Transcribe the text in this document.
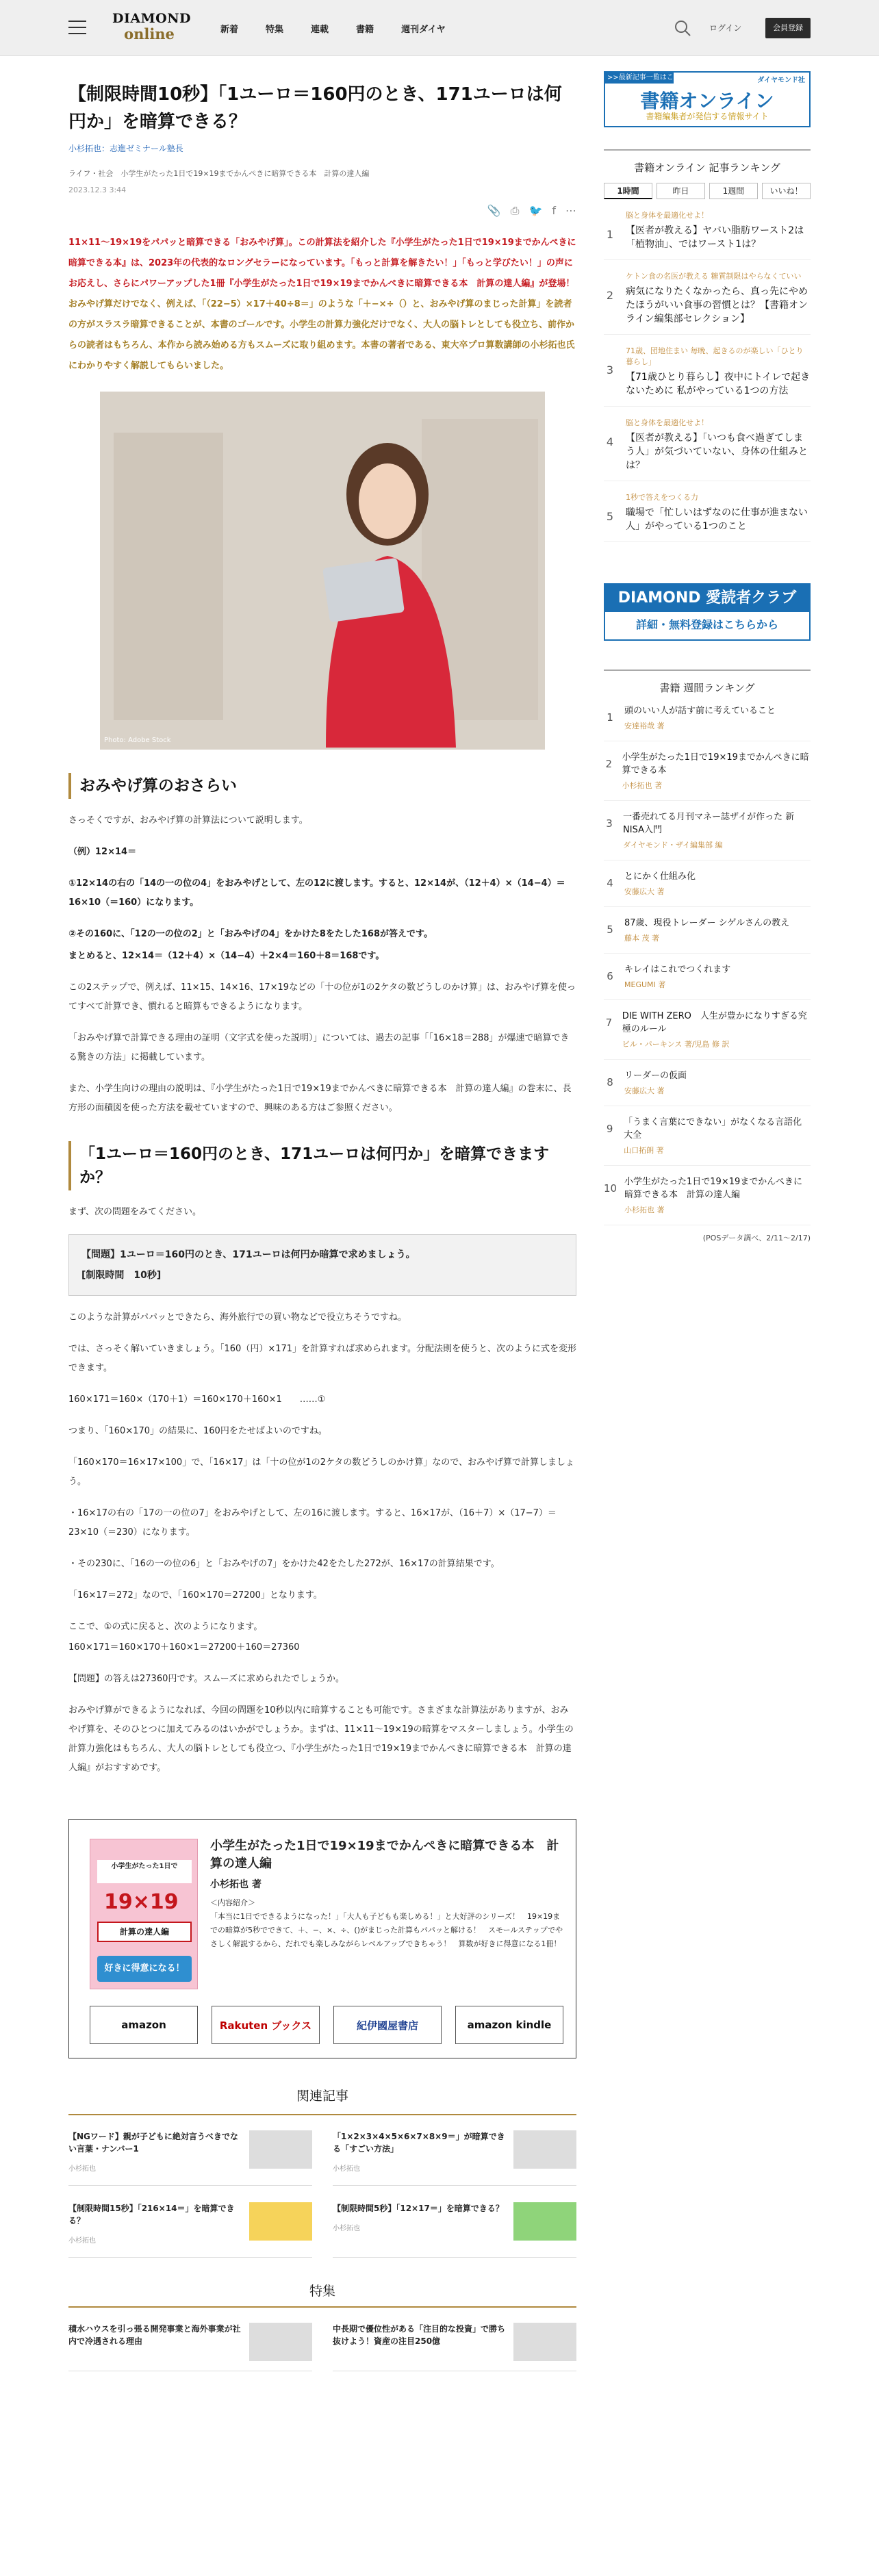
DIAMOND
online	新着	特集	連載	書籍	週刊ダイヤ	ログイン	会員登録
【制限時間10秒】「1ユーロ＝160円のとき、171ユーロは何円か」を暗算できる？
小杉拓也：志進ゼミナール塾長
ライフ・社会　小学生がたった1日で19×19までかんぺきに暗算できる本　計算の達人編
2023.12.3 3:44
📎 ⎙ 🐦 f ⋯
11×11〜19×19をパパッと暗算できる「おみやげ算」。この計算法を紹介した『小学生がたった1日で19×19までかんぺきに暗算できる本』は、2023年の代表的なロングセラーになっています。「もっと計算を解きたい！」「もっと学びたい！」の声にお応えし、さらにパワーアップした1冊『小学生がたった1日で19×19までかんぺきに暗算できる本　計算の達人編』が登場！おみやげ算だけでなく、例えば、「（22−5）×17＋40÷8＝」のような「＋−×÷（）と、おみやげ算のまじった計算」を読者の方がスラスラ暗算できることが、本書のゴールです。小学生の計算力強化だけでなく、大人の脳トレとしても役立ち、前作からの読者はもちろん、本作から読み始める方もスムーズに取り組めます。本書の著者である、東大卒プロ算数講師の小杉拓也氏にわかりやすく解説してもらいました。
Photo: Adobe Stock
おみやげ算のおさらい

さっそくですが、おみやげ算の計算法について説明します。

（例）12×14＝

①12×14の右の「14の一の位の4」をおみやげとして、左の12に渡します。すると、12×14が、（12＋4）×（14−4）＝16×10（＝160）になります。

②その160に、「12の一の位の2」と「おみやげの4」をかけた8をたした168が答えです。

まとめると、12×14＝（12＋4）×（14−4）＋2×4＝160＋8＝168です。

この2ステップで、例えば、11×15、14×16、17×19などの「十の位が1の2ケタの数どうしのかけ算」は、おみやげ算を使ってすべて計算でき、慣れると暗算もできるようになります。

「おみやげ算で計算できる理由の証明（文字式を使った説明）」については、過去の記事「「16×18＝288」が爆速で暗算できる驚きの方法」に掲載しています。

また、小学生向けの理由の説明は、『小学生がたった1日で19×19までかんぺきに暗算できる本　計算の達人編』の巻末に、長方形の面積図を使った方法を載せていますので、興味のある方はご参照ください。

「1ユーロ＝160円のとき、171ユーロは何円か」を暗算できますか？

まず、次の問題をみてください。

【問題】1ユーロ＝160円のとき、171ユーロは何円か暗算で求めましょう。
[制限時間　10秒]

このような計算がパパッとできたら、海外旅行での買い物などで役立ちそうですね。

では、さっそく解いていきましょう。「160（円）×171」を計算すれば求められます。分配法則を使うと、次のように式を変形できます。

160×171＝160×（170＋1）＝160×170＋160×1　　……①

つまり、「160×170」の結果に、160円をたせばよいのですね。

「160×170＝16×17×100」で、「16×17」は「十の位が1の2ケタの数どうしのかけ算」なので、おみやげ算で計算しましょう。

・16×17の右の「17の一の位の7」をおみやげとして、左の16に渡します。すると、16×17が、（16＋7）×（17−7）＝23×10（＝230）になります。

・その230に、「16の一の位の6」と「おみやげの7」をかけた42をたした272が、16×17の計算結果です。

「16×17＝272」なので、「160×170＝27200」となります。

ここで、①の式に戻ると、次のようになります。

160×171＝160×170＋160×1＝27200＋160＝27360

【問題】の答えは27360円です。スムーズに求められたでしょうか。

おみやげ算ができるようになれば、今回の問題を10秒以内に暗算することも可能です。さまざまな計算法がありますが、おみやげ算を、そのひとつに加えてみるのはいかがでしょうか。まずは、11×11〜19×19の暗算をマスターしましょう。小学生の計算力強化はもちろん、大人の脳トレとしても役立つ、『小学生がたった1日で19×19までかんぺきに暗算できる本　計算の達人編』がおすすめです。

小学生がたった1日で
19×19
計算の達人編
好きに得意になる！
小学生がたった1日で19×19までかんぺきに暗算できる本　計算の達人編
小杉拓也 著
＜内容紹介＞
「本当に1日でできるようになった！」「大人も子どもも楽しめる！」と大好評のシリーズ！　19×19までの暗算が5秒でできて、＋、−、×、÷、()がまじった計算もパパッと解ける！　スモールステップでやさしく解説するから、だれでも楽しみながらレベルアップできちゃう！　算数が好きに得意になる1冊！
amazon	Rakuten ブックス	紀伊國屋書店	amazon kindle
関連記事
【NGワード】親が子どもに絶対言うべきでない言葉・ナンバー1
小杉拓也
「1×2×3×4×5×6×7×8×9＝」が暗算できる「すごい方法」
小杉拓也
【制限時間15秒】「216×14＝」を暗算できる？
小杉拓也
【制限時間5秒】「12×17＝」を暗算できる？
小杉拓也
特集
積水ハウスを引っ張る開発事業と海外事業が社内で冷遇される理由
中長期で優位性がある「注目的な投資」で勝ち抜けよう！資産の注目250億
>>最新記事一覧はこちら
ダイヤモンド社
書籍オンライン
書籍編集者が発信する情報サイト
書籍オンライン 記事ランキング
1時間	昨日	1週間	いいね！
1
脳と身体を最適化せよ！
【医者が教える】ヤバい脂肪ワースト2は「植物油」、ではワースト1は？
2
ケトン食の名医が教える 糖質制限はやらなくていい
病気になりたくなかったら、真っ先にやめたほうがいい食事の習慣とは？【書籍オンライン編集部セレクション】
3
71歳、団地住まい 毎晩、起きるのが楽しい「ひとり暮らし」
【71歳ひとり暮らし】夜中にトイレで起きないために 私がやっている1つの方法
4
脳と身体を最適化せよ！
【医者が教える】「いつも食べ過ぎてしまう人」が気づいていない、身体の仕組みとは？
5
1秒で答えをつくる力
職場で「忙しいはずなのに仕事が進まない人」がやっている1つのこと
DIAMOND 愛読者クラブ
詳細・無料登録はこちらから
書籍 週間ランキング
1
頭のいい人が話す前に考えていること
安達裕哉 著
2
小学生がたった1日で19×19までかんぺきに暗算できる本
小杉拓也 著
3
一番売れてる月刊マネー誌ザイが作った 新NISA入門
ダイヤモンド・ザイ編集部 編
4
とにかく仕組み化
安藤広大 著
5
87歳、現役トレーダー シゲルさんの教え
藤本 茂 著
6
キレイはこれでつくれます
MEGUMI 著
7
DIE WITH ZERO　人生が豊かになりすぎる究極のルール
ビル・パーキンス 著/児島 修 訳
8
リーダーの仮面
安藤広大 著
9
「うまく言葉にできない」がなくなる言語化大全
山口拓朗 著
10
小学生がたった1日で19×19までかんぺきに暗算できる本　計算の達人編
小杉拓也 著
(POSデータ調べ、2/11〜2/17)
